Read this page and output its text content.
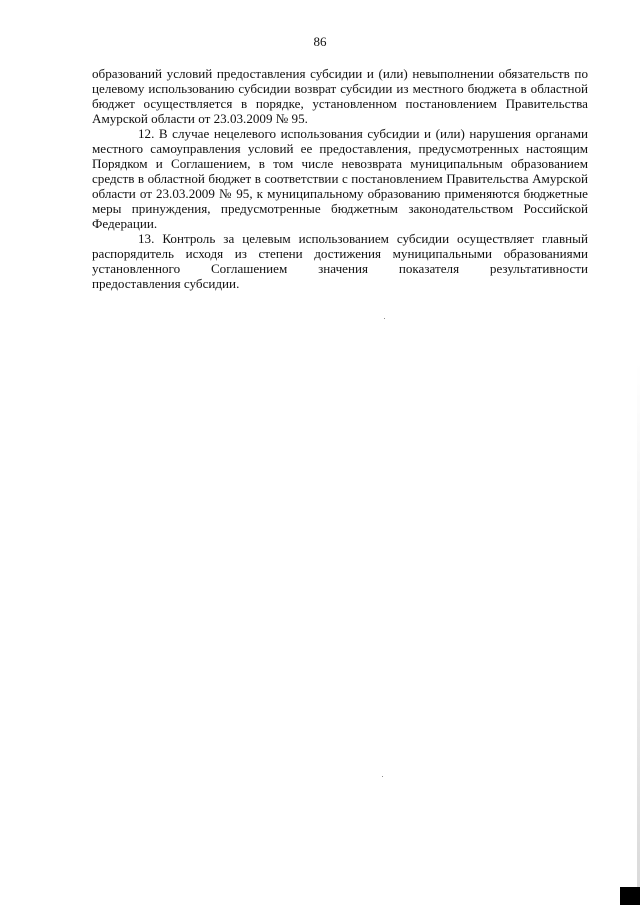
86

образований условий предоставления субсидии и (или) невыполнении обязательств по целевому использованию субсидии возврат субсидии из местного бюджета в областной бюджет осуществляется в порядке, установленном постановлением Правительства Амурской области от 23.03.2009 № 95.

12. В случае нецелевого использования субсидии и (или) нарушения органами местного самоуправления условий ее предоставления, предусмотренных настоящим Порядком и Соглашением, в том числе невозврата муниципальным образованием средств в областной бюджет в соответствии с постановлением Правительства Амурской области от 23.03.2009 № 95, к муниципальному образованию применяются бюджетные меры принуждения, предусмотренные бюджетным законодательством Российской Федерации.

13. Контроль за целевым использованием субсидии осуществляет главный распорядитель исходя из степени достижения муниципальными образованиями установленного Соглашением значения показателя результативности

предоставления субсидии.
